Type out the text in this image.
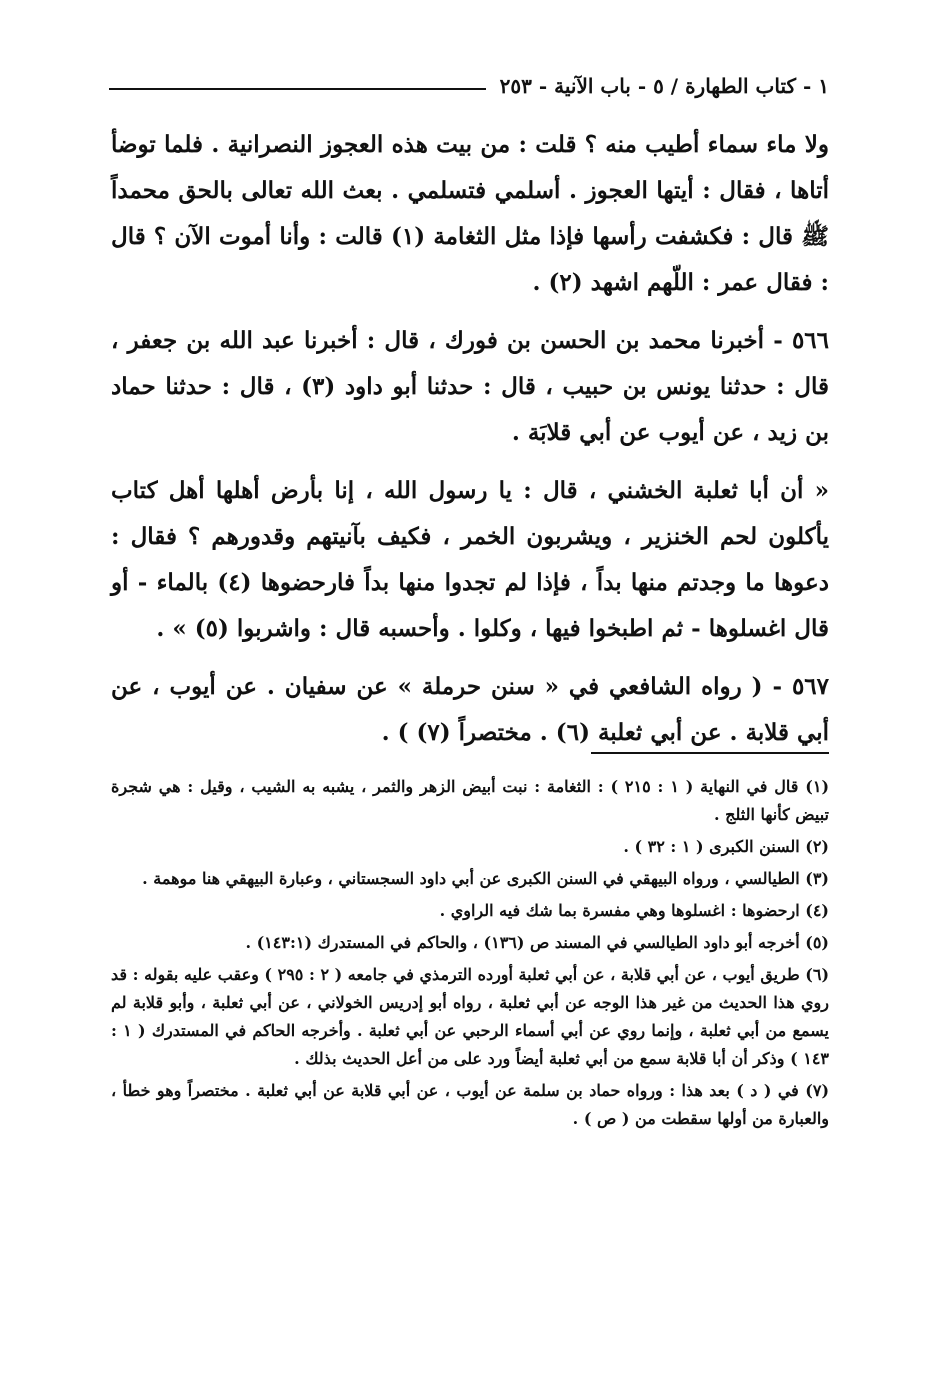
١ - كتاب الطهارة / ٥ - باب الآنية - ٢٥٣

ولا ماء سماء أطيب منه ؟ قلت : من بيت هذه العجوز النصرانية . فلما توضأ أتاها ، فقال : أيتها العجوز . أسلمي فتسلمي . بعث الله تعالى بالحق محمداً ﷺ قال : فكشفت رأسها فإذا مثل الثغامة (١) قالت : وأنا أموت الآن ؟ قال : فقال عمر : اللّهم اشهد (٢) .

٥٦٦ - أخبرنا محمد بن الحسن بن فورك ، قال : أخبرنا عبد الله بن جعفر ، قال : حدثنا يونس بن حبيب ، قال : حدثنا أبو داود (٣) ، قال : حدثنا حماد بن زيد ، عن أيوب عن أبي قلابَة .

« أن أبا ثعلبة الخشني ، قال : يا رسول الله ، إنا بأرض أهلها أهل كتاب يأكلون لحم الخنزير ، ويشربون الخمر ، فكيف بآنيتهم وقدورهم ؟ فقال : دعوها ما وجدتم منها بداً ، فإذا لم تجدوا منها بداً فارحضوها (٤) بالماء - أو قال اغسلوها - ثم اطبخوا فيها ، وكلوا . وأحسبه قال : واشربوا (٥) » .

٥٦٧ - ( رواه الشافعي في « سنن حرملة » عن سفيان . عن أيوب ، عن أبي قلابة . عن أبي ثعلبة (٦) . مختصراً (٧) ) .

(١) قال في النهاية ( ١ : ٢١٥ ) : الثغامة : نبت أبيض الزهر والثمر ، يشبه به الشيب ، وقيل : هي شجرة تبيض كأنها الثلج .

(٢) السنن الكبرى ( ١ : ٣٢ ) .

(٣) الطيالسي ، ورواه البيهقي في السنن الكبرى عن أبي داود السجستاني ، وعبارة البيهقي هنا موهمة .

(٤) ارحضوها : اغسلوها وهي مفسرة بما شك فيه الراوي .

(٥) أخرجه أبو داود الطيالسي في المسند ص (١٣٦) ، والحاكم في المستدرك (١٤٣:١) .

(٦) طريق أيوب ، عن أبي قلابة ، عن أبي ثعلبة أورده الترمذي في جامعه ( ٢ : ٢٩٥ ) وعقب عليه بقوله : قد روي هذا الحديث من غير هذا الوجه عن أبي ثعلبة ، رواه أبو إدريس الخولاني ، عن أبي ثعلبة ، وأبو قلابة لم يسمع من أبي ثعلبة ، وإنما روي عن أبي أسماء الرحبي عن أبي ثعلبة . وأخرجه الحاكم في المستدرك ( ١ : ١٤٣ ) وذكر أن أبا قلابة سمع من أبي ثعلبة أيضاً ورد على من أعل الحديث بذلك .

(٧) في ( د ) بعد هذا : ورواه حماد بن سلمة عن أيوب ، عن أبي قلابة عن أبي ثعلبة . مختصراً وهو خطأ ، والعبارة من أولها سقطت من ( ص ) .
